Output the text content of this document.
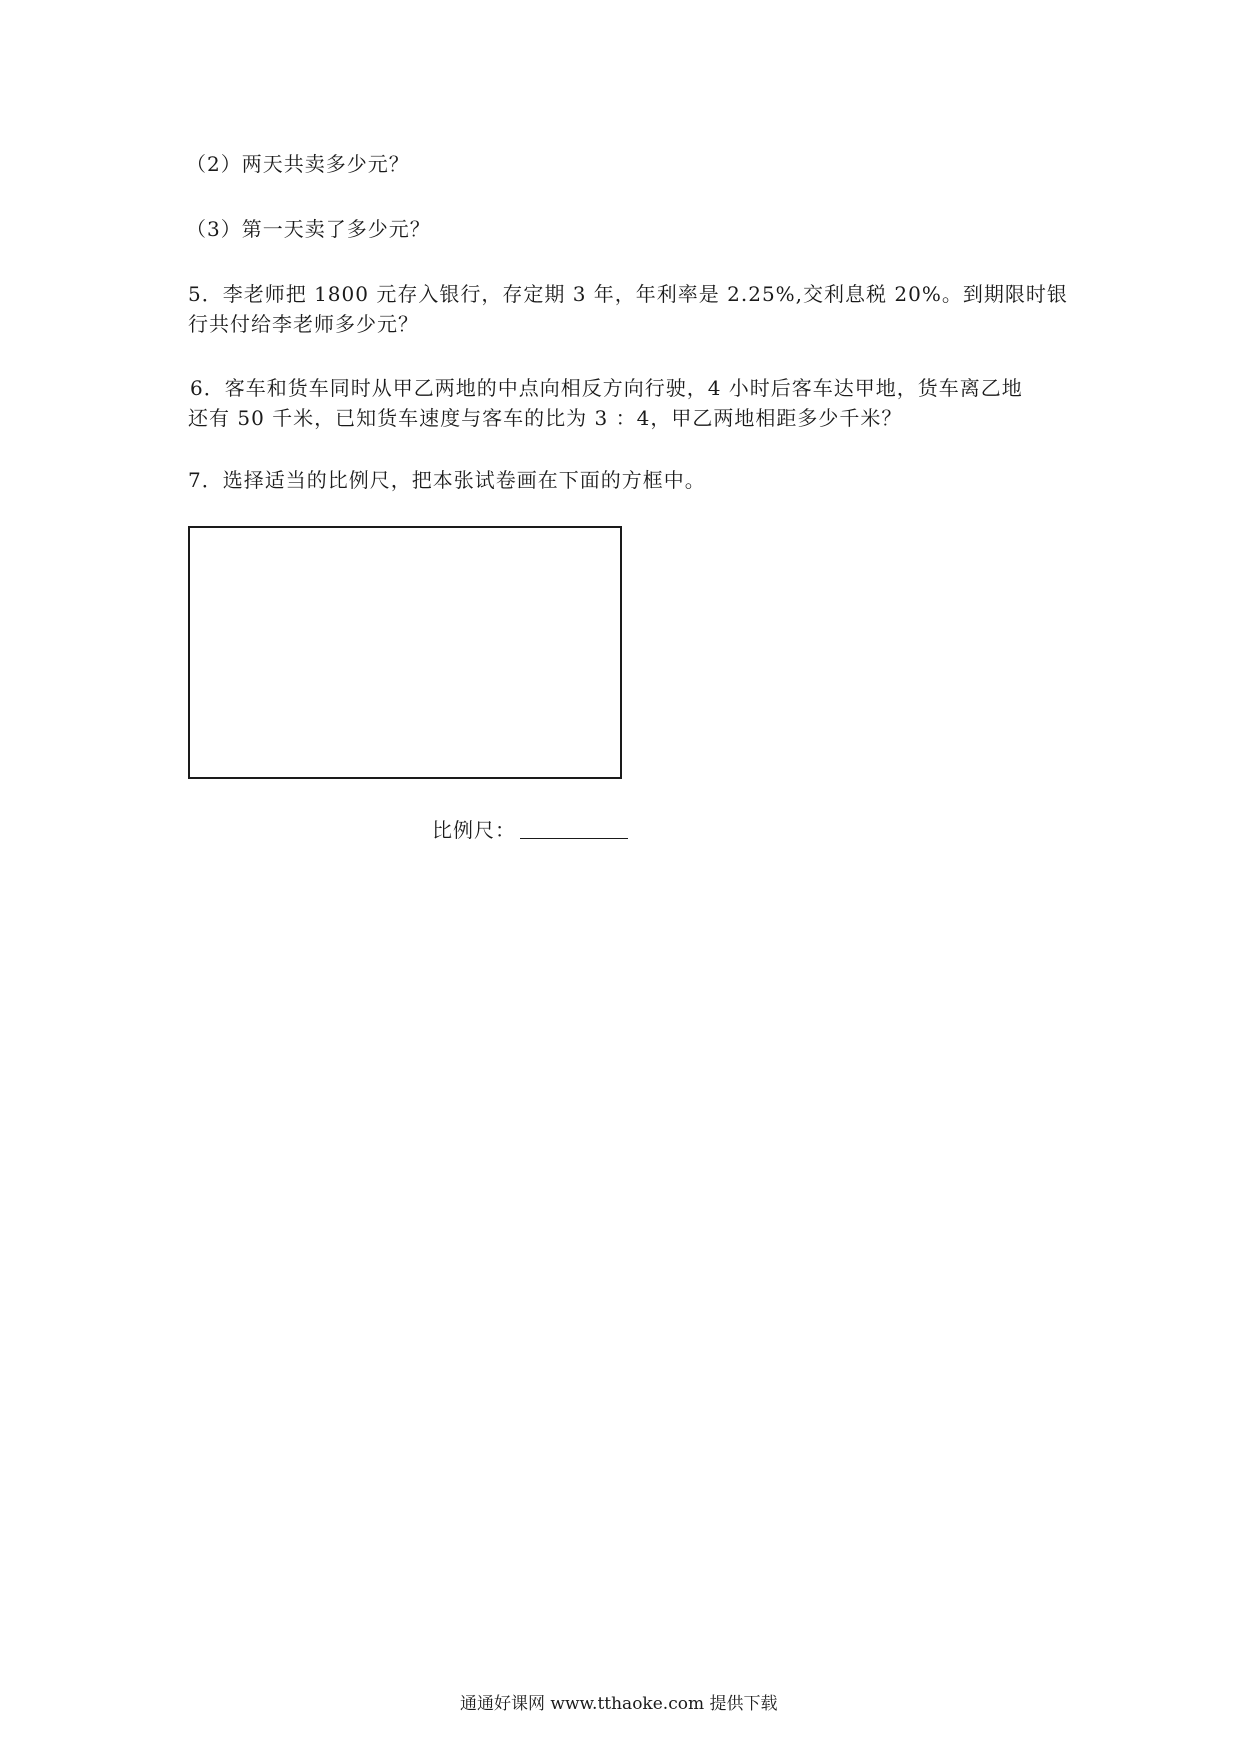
（2）两天共卖多少元？
（3）第一天卖了多少元？
5．李老师把 1800 元存入银行，存定期 3 年，年利率是 2.25%,交利息税 20%。到期限时银
行共付给李老师多少元？
6．客车和货车同时从甲乙两地的中点向相反方向行驶，4 小时后客车达甲地，货车离乙地
还有 50 千米，已知货车速度与客车的比为 3 ：4，甲乙两地相距多少千米？
7．选择适当的比例尺，把本张试卷画在下面的方框中。
比例尺：
通通好课网 www.tthaoke.com 提供下载
